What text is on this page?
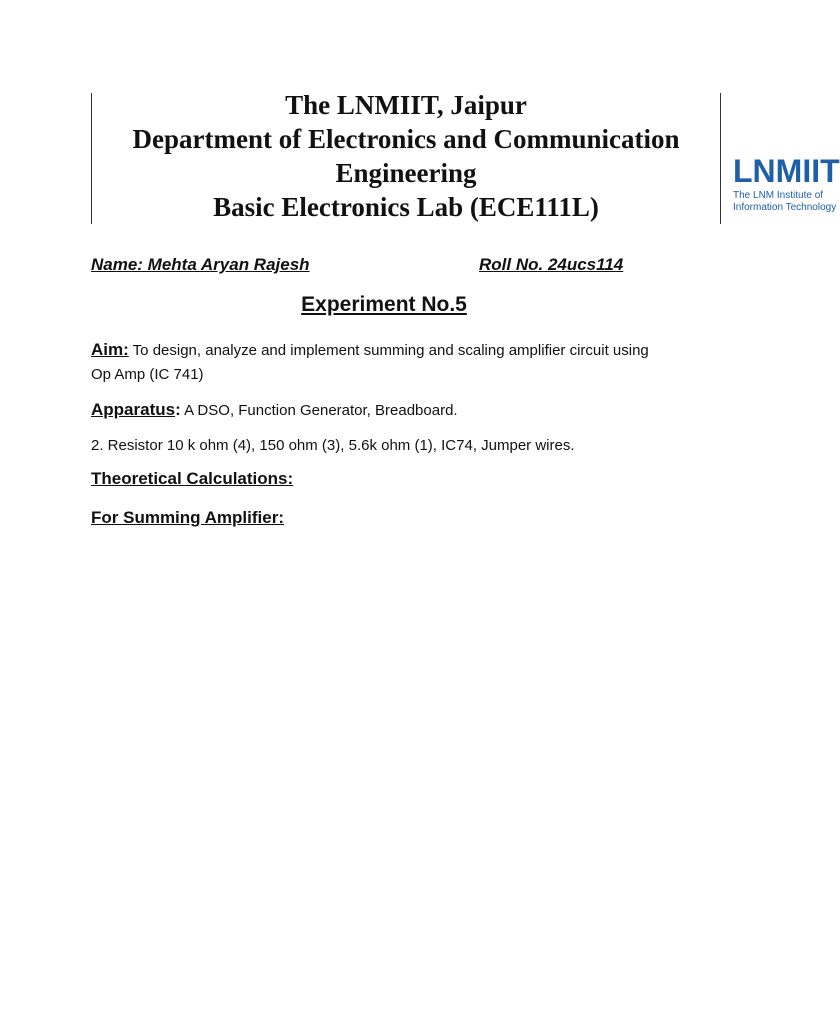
The LNMIIT, Jaipur
Department of Electronics and Communication
Engineering
Basic Electronics Lab (ECE111L)
LNMIIT
The LNM Institute of
Information Technology
Name: Mehta Aryan Rajesh	Roll No. 24ucs114
Experiment No.5
Aim: To design, analyze and implement summing and scaling amplifier circuit using Op Amp (IC 741)
Apparatus: A DSO, Function Generator, Breadboard.
2. Resistor 10 k ohm (4), 150 ohm (3), 5.6k ohm (1), IC74, Jumper wires.
Theoretical Calculations:
For Summing Amplifier:
